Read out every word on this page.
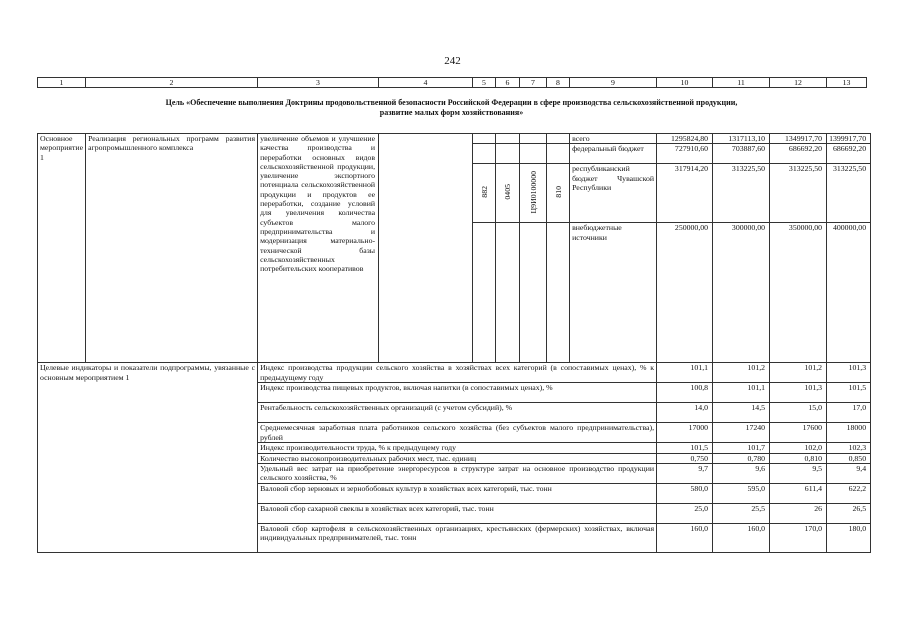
242
1	2	3	4	5	6	7	8	9	10	11	12	13
Цель «Обеспечение выполнения Доктрины продовольственной безопасности Российской Федерации в сфере производства сельскохозяйственной продукции,
развитие малых форм хозяйствования»
Основное мероприятие 1	Реализация региональных программ развития агропромышленного комплекса	увеличение объемов и улучшение качества производства и переработки основных видов сельскохозяйственной продукции, увеличение экспортного потенциала сельскохозяйственной продукции и продуктов ее переработки, создание условий для увеличения количества субъектов малого предпринимательства и модернизация материально-технической базы сельскохозяйственных потребительских кооперативов						всего	1295824,80	1317113,10	1349917,70	1399917,70
								федеральный бюджет	727910,60	703887,60	686692,20	686692,20
				882	0405	Ц9И0100000	810	республиканский бюджет Чувашской Республики	317914,20	313225,50	313225,50	313225,50
								внебюджетные источники	250000,00	300000,00	350000,00	400000,00
Целевые индикаторы и показатели подпрограммы, увязанные с основным мероприятием 1		Индекс производства продукции сельского хозяйства в хозяйствах всех категорий (в сопоставимых ценах), % к предыдущему году							101,1	101,2	101,2	101,3
		Индекс производства пищевых продуктов, включая напитки (в сопоставимых ценах), %							100,8	101,1	101,3	101,5
		Рентабельность сельскохозяйственных организаций (с учетом субсидий), %							14,0	14,5	15,0	17,0
		Среднемесячная заработная плата работников сельского хозяйства (без субъектов малого предпринимательства), рублей							17000	17240	17600	18000
		Индекс производительности труда, % к предыдущему году							101,5	101,7	102,0	102,3
		Количество высокопроизводительных рабочих мест, тыс. единиц							0,750	0,780	0,810	0,850
		Удельный вес затрат на приобретение энергоресурсов в структуре затрат на основное производство продукции сельского хозяйства, %							9,7	9,6	9,5	9,4
		Валовой сбор зерновых и зернобобовых культур в хозяйствах всех категорий, тыс. тонн							580,0	595,0	611,4	622,2
		Валовой сбор сахарной свеклы в хозяйствах всех категорий, тыс. тонн							25,0	25,5	26	26,5
		Валовой сбор картофеля в сельскохозяйственных организациях, крестьянских (фермерских) хозяйствах, включая индивидуальных предпринимателей, тыс. тонн							160,0	160,0	170,0	180,0
